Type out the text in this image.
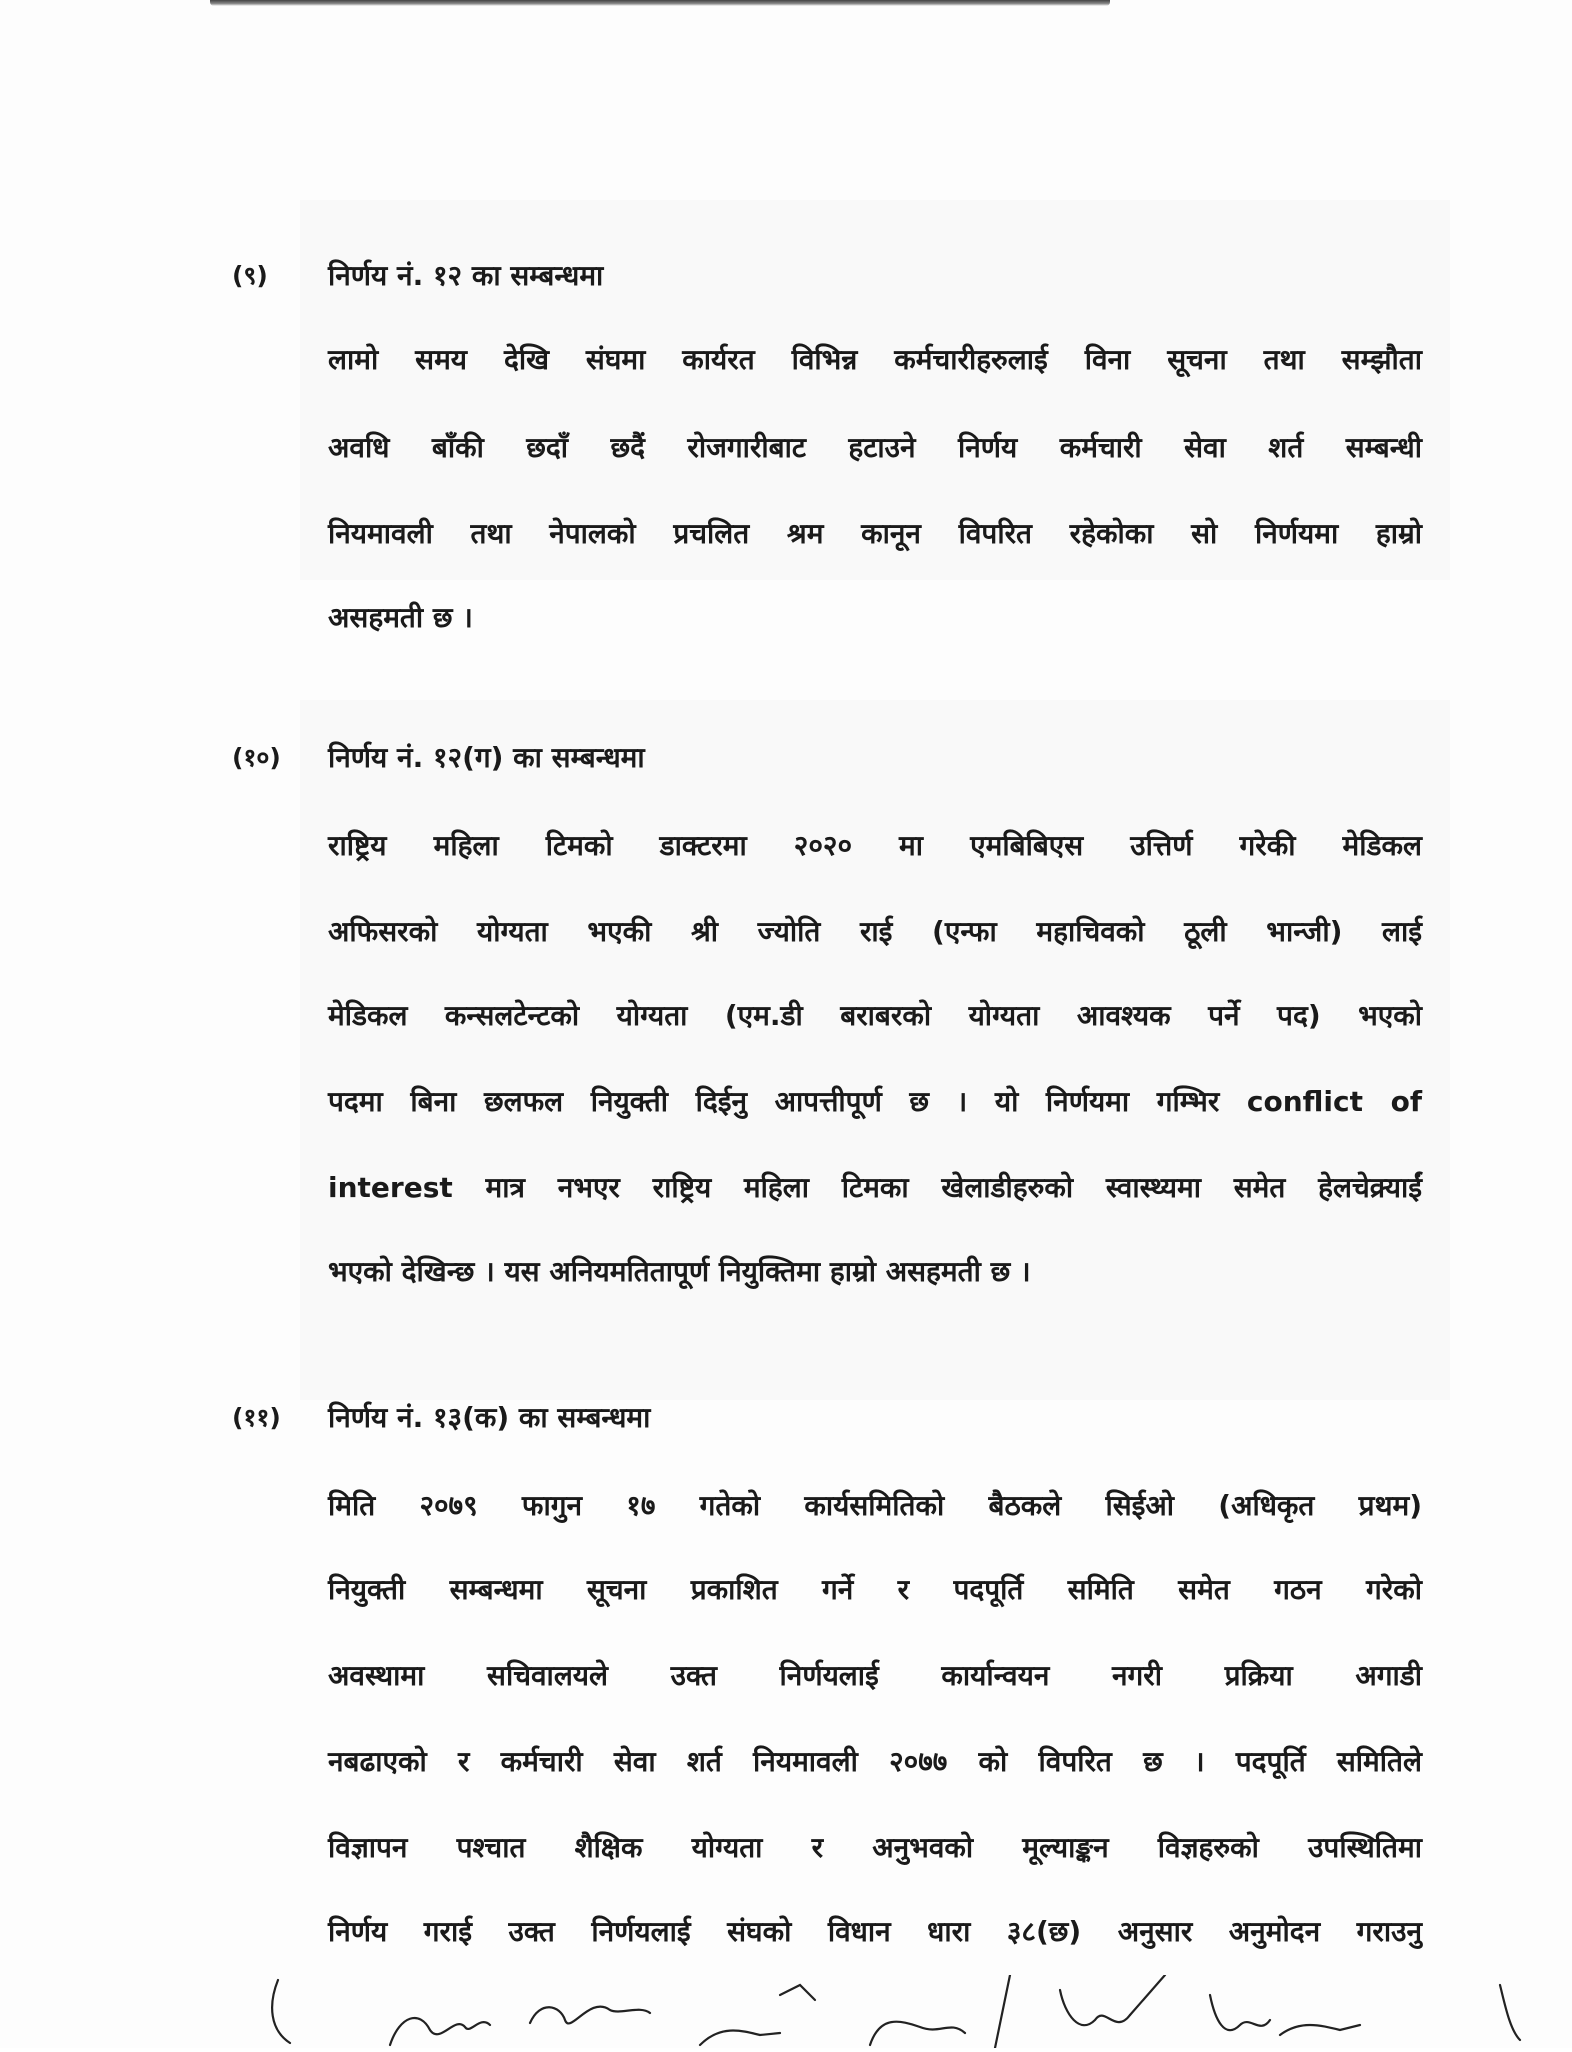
(९) निर्णय नं. १२ का सम्बन्धमा
लामो समय देखि संघमा कार्यरत विभिन्न कर्मचारीहरुलाई विना सूचना तथा सम्झौता
अवधि बाँकी छदाँ छदैं रोजगारीबाट हटाउने निर्णय कर्मचारी सेवा शर्त सम्बन्धी
नियमावली तथा नेपालको प्रचलित श्रम कानून विपरित रहेकोका सो निर्णयमा हाम्रो
असहमती छ ।
(१०) निर्णय नं. १२(ग) का सम्बन्धमा
राष्ट्रिय महिला टिमको डाक्टरमा २०२० मा एमबिबिएस उत्तिर्ण गरेकी मेडिकल
अफिसरको योग्यता भएकी श्री ज्योति राई (एन्फा महाचिवको ठूली भान्जी) लाई
मेडिकल कन्सलटेन्टको योग्यता (एम.डी बराबरको योग्यता आवश्यक पर्ने पद) भएको
पदमा बिना छलफल नियुक्ती दिईनु आपत्तीपूर्ण छ । यो निर्णयमा गम्भिर conflict of
interest मात्र नभएर राष्ट्रिय महिला टिमका खेलाडीहरुको स्वास्थ्यमा समेत हेलचेक्र्याईं
भएको देखिन्छ । यस अनियमतितापूर्ण नियुक्तिमा हाम्रो असहमती छ ।
(११) निर्णय नं. १३(क) का सम्बन्धमा
मिति २०७९ फागुन १७ गतेको कार्यसमितिको बैठकले सिईओ (अधिकृत प्रथम)
नियुक्ती सम्बन्धमा सूचना प्रकाशित गर्ने र पदपूर्ति समिति समेत गठन गरेको
अवस्थामा सचिवालयले उक्त निर्णयलाई कार्यान्वयन नगरी प्रक्रिया अगाडी
नबढाएको र कर्मचारी सेवा शर्त नियमावली २०७७ को विपरित छ । पदपूर्ति समितिले
विज्ञापन पश्चात शैक्षिक योग्यता र अनुभवको मूल्याङ्कन विज्ञहरुको उपस्थितिमा
निर्णय गराई उक्त निर्णयलाई संघको विधान धारा ३८(छ) अनुसार अनुमोदन गराउनु
